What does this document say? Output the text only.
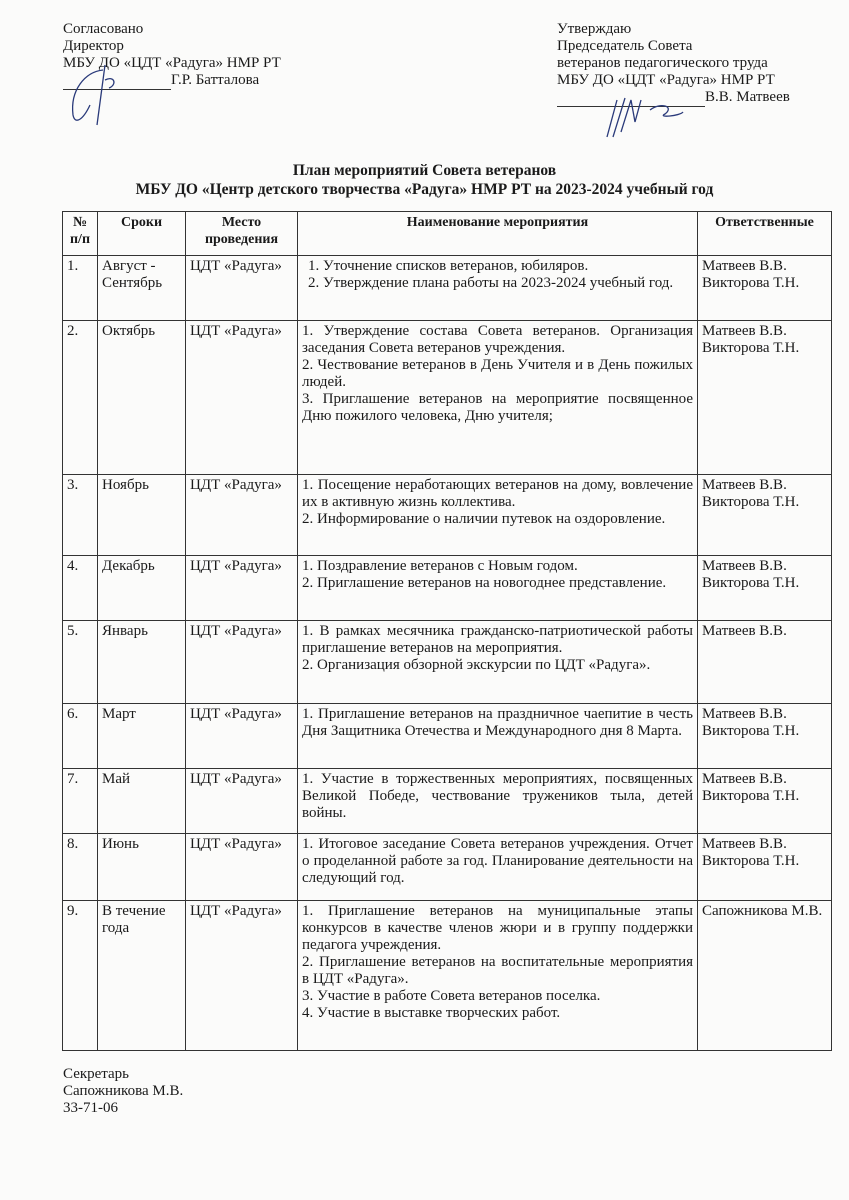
Согласовано
Директор
МБУ ДО «ЦДТ «Радуга» НМР РТ
Г.Р. Батталова
Утверждаю
Председатель Совета
ветеранов педагогического труда
МБУ ДО «ЦДТ «Радуга» НМР РТ
В.В. Матвеев
План мероприятий Совета ветеранов
МБУ ДО «Центр детского творчества «Радуга» НМР РТ на 2023-2024 учебный год
№ п/п	Сроки	Место проведения	Наименование мероприятия	Ответственные
1.	Август - Сентябрь	ЦДТ «Радуга»	1. Уточнение списков ветеранов, юбиляров.

2. Утверждение плана работы на 2023-2024 учебный год.	Матвеев В.В. Викторова Т.Н.
2.	Октябрь	ЦДТ «Радуга»	1. Утверждение состава Совета ветеранов. Организация заседания Совета ветеранов учреждения.

2. Чествование ветеранов в День Учителя и в День пожилых людей.

3. Приглашение ветеранов на мероприятие посвященное Дню пожилого человека, Дню учителя;	Матвеев В.В. Викторова Т.Н.
3.	Ноябрь	ЦДТ «Радуга»	1. Посещение неработающих ветеранов на дому, вовлечение их в активную жизнь коллектива.

2. Информирование о наличии путевок на оздоровление.	Матвеев В.В. Викторова Т.Н.
4.	Декабрь	ЦДТ «Радуга»	1. Поздравление ветеранов с Новым годом.

2. Приглашение ветеранов на новогоднее представление.	Матвеев В.В. Викторова Т.Н.
5.	Январь	ЦДТ «Радуга»	1. В рамках месячника гражданско-патриотической работы приглашение ветеранов на мероприятия.

2. Организация обзорной экскурсии по ЦДТ «Радуга».	Матвеев В.В.
6.	Март	ЦДТ «Радуга»	1. Приглашение ветеранов на праздничное чаепитие в честь Дня Защитника Отечества и Международного дня 8 Марта.	Матвеев В.В. Викторова Т.Н.
7.	Май	ЦДТ «Радуга»	1. Участие в торжественных мероприятиях, посвященных Великой Победе, чествование тружеников тыла, детей войны.	Матвеев В.В. Викторова Т.Н.
8.	Июнь	ЦДТ «Радуга»	1. Итоговое заседание Совета ветеранов учреждения. Отчет о проделанной работе за год. Планирование деятельности на следующий год.	Матвеев В.В. Викторова Т.Н.
9.	В течение года	ЦДТ «Радуга»	1. Приглашение ветеранов на муниципальные этапы конкурсов в качестве членов жюри и в группу поддержки педагога учреждения.

2. Приглашение ветеранов на воспитательные мероприятия в ЦДТ «Радуга».

3. Участие в работе Совета ветеранов поселка.

4. Участие в выставке творческих работ.	Сапожникова М.В.
Секретарь
Сапожникова М.В.
33-71-06
